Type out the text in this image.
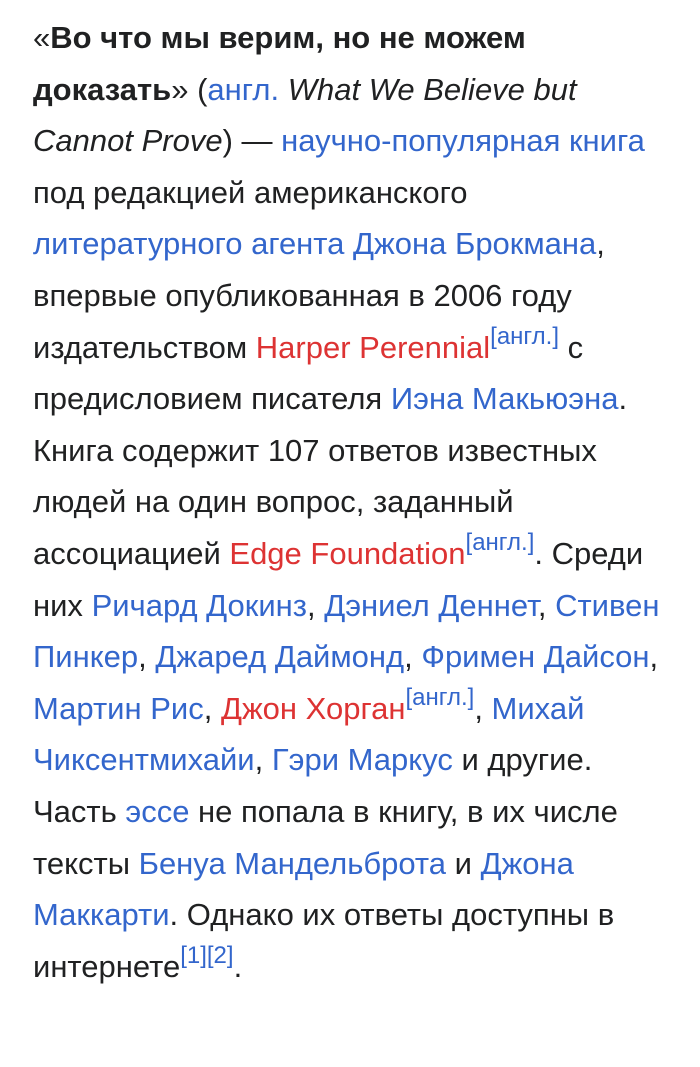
«Во что мы верим, но не можем доказать» (англ. What We Believe but Cannot Prove) — научно-популярная книга под редакцией американского литературного агента Джона Брокмана, впервые опубликованная в 2006 году издательством Harper Perennial[англ.] с предисловием писателя Иэна Макьюэна. Книга содержит 107 ответов известных людей на один вопрос, заданный ассоциацией Edge Foundation[англ.]. Среди них Ричард Докинз, Дэниел Деннет, Стивен Пинкер, Джаред Даймонд, Фримен Дайсон, Мартин Рис, Джон Хорган[англ.], Михай Чиксентмихайи, Гэри Маркус и другие. Часть эссе не попала в книгу, в их числе тексты Бенуа Мандельброта и Джона Маккарти. Однако их ответы доступны в интернете[1][2].
